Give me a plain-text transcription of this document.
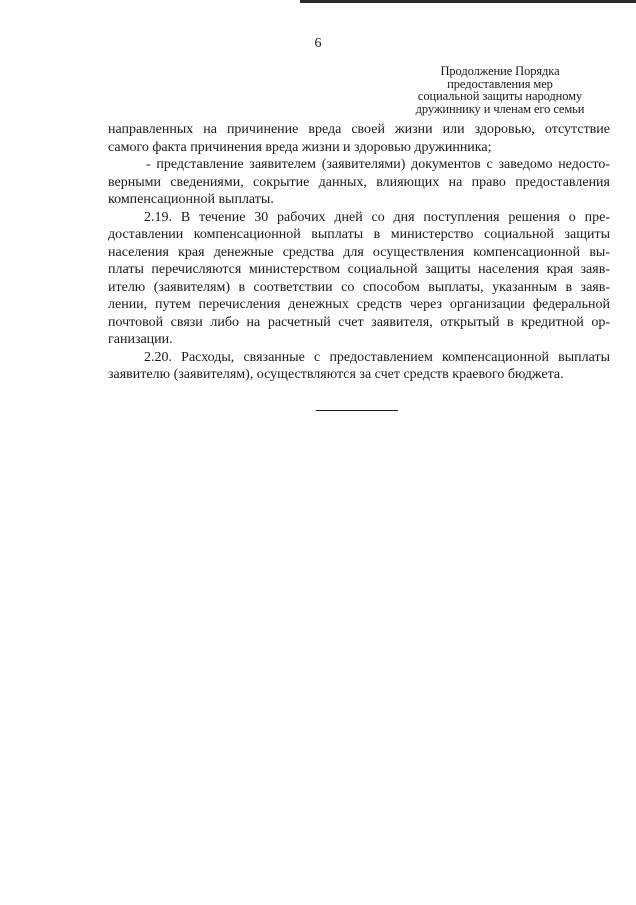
6
Продолжение Порядка
предоставления мер
социальной защиты народному
дружиннику и членам его семьи
направленных на причинение вреда своей жизни или здоровью, отсутствие
самого факта причинения вреда жизни и здоровью дружинника;
- представление заявителем (заявителями) документов с заведомо недосто-
верными сведениями, сокрытие данных, влияющих на право предоставления
компенсационной выплаты.
2.19. В течение 30 рабочих дней со дня поступления решения о пре-
доставлении компенсационной выплаты в министерство социальной защиты
населения края денежные средства для осуществления компенсационной вы-
платы перечисляются министерством социальной защиты населения края заяв-
ителю (заявителям) в соответствии со способом выплаты, указанным в заяв-
лении, путем перечисления денежных средств через организации федеральной
почтовой связи либо на расчетный счет заявителя, открытый в кредитной ор-
ганизации.
2.20. Расходы, связанные с предоставлением компенсационной выплаты
заявителю (заявителям), осуществляются за счет средств краевого бюджета.
